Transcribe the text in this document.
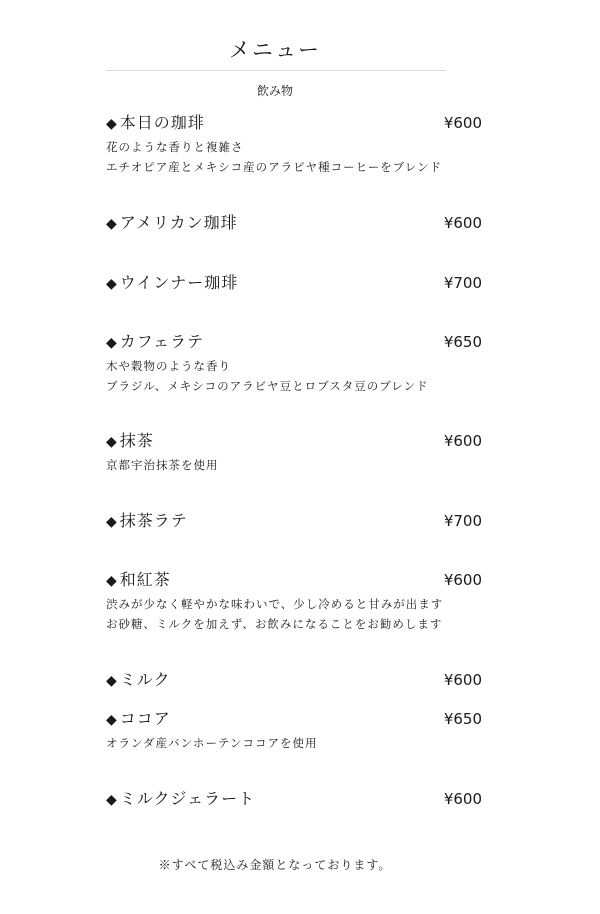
メニュー
飲み物
◆ 本日の珈琲	¥600
花のような香りと複雑さ
エチオピア産とメキシコ産のアラビヤ種コーヒーをブレンド
◆ アメリカン珈琲	¥600
◆ ウインナー珈琲	¥700
◆ カフェラテ	¥650
木や穀物のような香り
ブラジル、メキシコのアラビヤ豆とロブスタ豆のブレンド
◆ 抹茶	¥600
京都宇治抹茶を使用
◆ 抹茶ラテ	¥700
◆ 和紅茶	¥600
渋みが少なく軽やかな味わいで、少し冷めると甘みが出ます
お砂糖、ミルクを加えず、お飲みになることをお勧めします
◆ ミルク	¥600
◆ ココア	¥650
オランダ産バンホーテンココアを使用
◆ ミルクジェラート	¥600
※すべて税込み金額となっております。
